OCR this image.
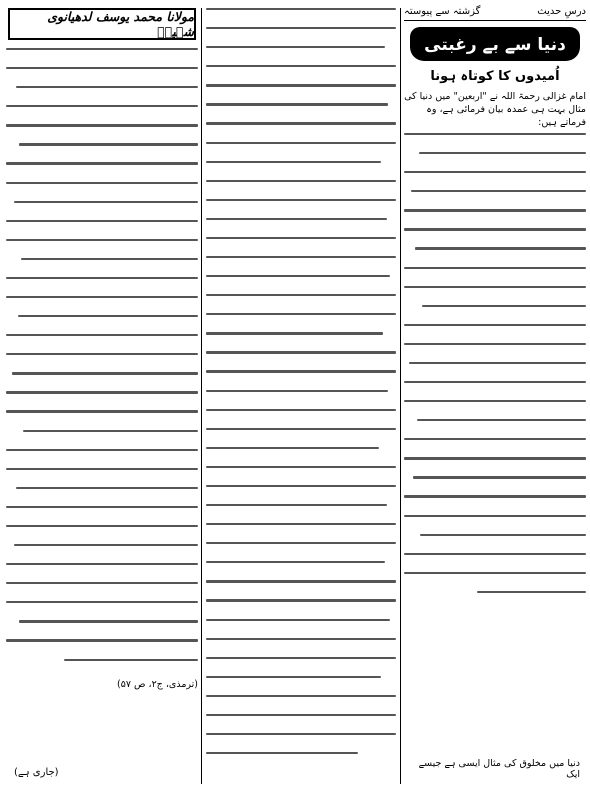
درسِ حدیث
گزشتہ سے پیوستہ
دنیا سے بے رغبتی
اُمیدوں کا کوتاہ ہونا
امام غزالی رحمۃ اللہ نے "اربعین" میں دنیا کی مثال بہت ہی عمدہ بیان فرمائی ہے، وہ فرماتے ہیں:
دنیا میں مخلوق کی مثال ایسی ہے جیسے ایک
مولانا محمد یوسف لدھیانوی شہیدؒ
(ترمذی، ج۲، ص ۵۷)
(جاری ہے)
